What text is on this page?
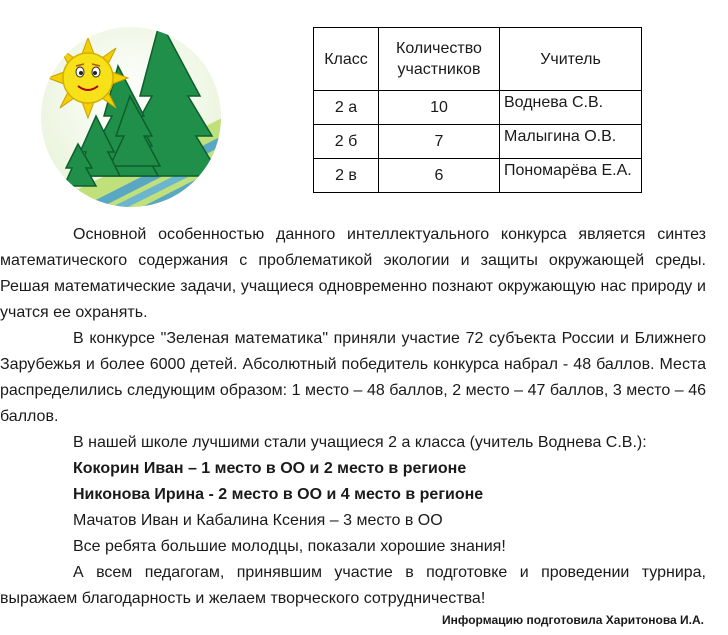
Класс	Количество участников	Учитель
2 а	10	Воднева С.В.
2 б	7	Малыгина О.В.
2 в	6	Пономарёва Е.А.

Основной особенностью данного интеллектуального конкурса является синтез математического содержания с проблематикой экологии и защиты окружающей среды. Решая математические задачи, учащиеся одновременно познают окружающую нас природу и учатся ее охранять.

В конкурсе "Зеленая математика" приняли участие 72 субъекта России и Ближнего Зарубежья и более 6000 детей. Абсолютный победитель конкурса набрал - 48 баллов. Места распределились следующим образом: 1 место – 48 баллов, 2 место – 47 баллов, 3 место – 46 баллов.

В нашей школе лучшими стали учащиеся 2 а класса (учитель Воднева С.В.):

Кокорин Иван – 1 место в ОО и 2 место в регионе

Никонова Ирина - 2 место в ОО и 4 место в регионе

Мачатов Иван и Кабалина Ксения – 3 место в ОО

Все ребята большие молодцы, показали хорошие знания!

А всем педагогам, принявшим участие в подготовке и проведении турнира, выражаем благодарность и желаем творческого сотрудничества!

Информацию подготовила Харитонова И.А.
